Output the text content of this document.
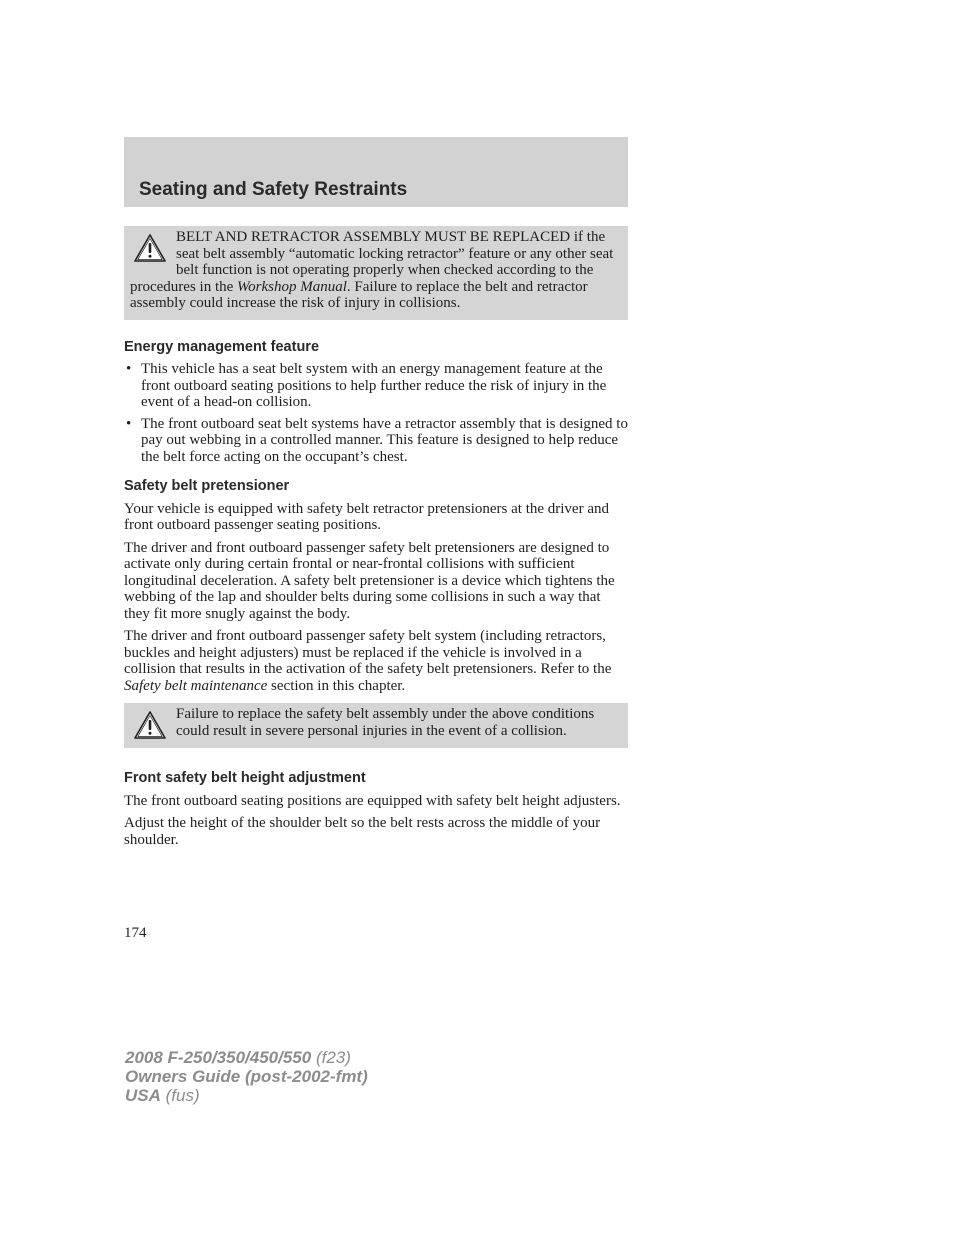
Seating and Safety Restraints

BELT AND RETRACTOR ASSEMBLY MUST BE REPLACED if the seat belt assembly “automatic locking retractor” feature or any other seat belt function is not operating properly when checked according to the procedures in the Workshop Manual. Failure to replace the belt and retractor assembly could increase the risk of injury in collisions.

Energy management feature
• This vehicle has a seat belt system with an energy management feature at the front outboard seating positions to help further reduce the risk of injury in the event of a head-on collision.
• The front outboard seat belt systems have a retractor assembly that is designed to pay out webbing in a controlled manner. This feature is designed to help reduce the belt force acting on the occupant’s chest.
Safety belt pretensioner

Your vehicle is equipped with safety belt retractor pretensioners at the driver and front outboard passenger seating positions.

The driver and front outboard passenger safety belt pretensioners are designed to activate only during certain frontal or near-frontal collisions with sufficient longitudinal deceleration. A safety belt pretensioner is a device which tightens the webbing of the lap and shoulder belts during some collisions in such a way that they fit more snugly against the body.

The driver and front outboard passenger safety belt system (including retractors, buckles and height adjusters) must be replaced if the vehicle is involved in a collision that results in the activation of the safety belt pretensioners. Refer to the Safety belt maintenance section in this chapter.

Failure to replace the safety belt assembly under the above conditions could result in severe personal injuries in the event of a collision.

Front safety belt height adjustment

The front outboard seating positions are equipped with safety belt height adjusters.

Adjust the height of the shoulder belt so the belt rests across the middle of your shoulder.

174
2008 F-250/350/450/550 (f23)
Owners Guide (post-2002-fmt)
USA (fus)
